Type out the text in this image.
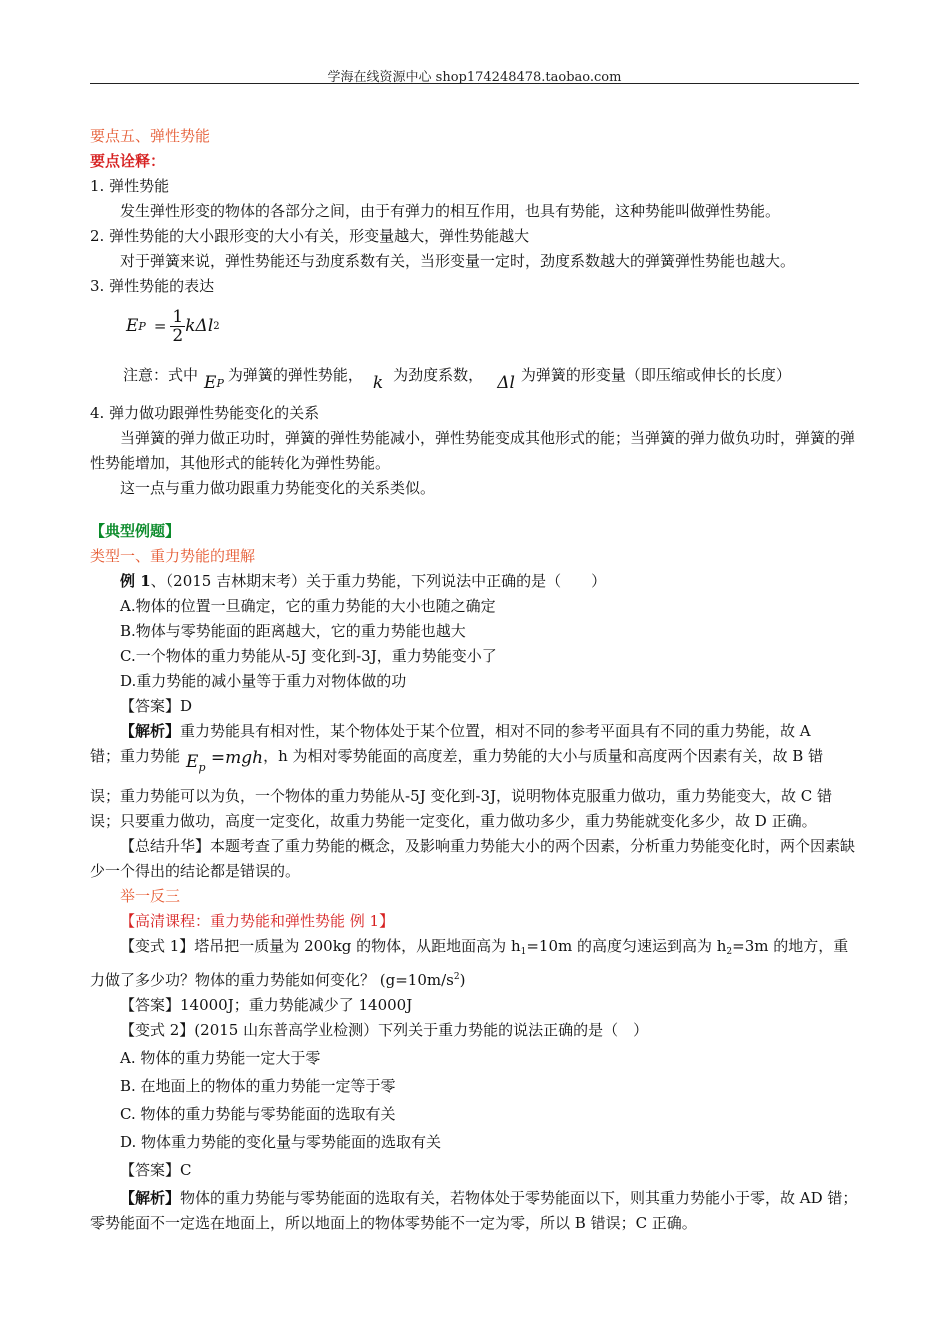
学海在线资源中心 shop174248478.taobao.com

要点五、弹性势能

要点诠释：

1. 弹性势能

发生弹性形变的物体的各部分之间，由于有弹力的相互作用，也具有势能，这种势能叫做弹性势能。

2. 弹性势能的大小跟形变的大小有关，形变量越大，弹性势能越大

对于弹簧来说，弹性势能还与劲度系数有关，当形变量一定时，劲度系数越大的弹簧弹性势能也越大。

3. 弹性势能的表达

E $P = \frac{1}{2}$ kΔl 2
注意：式中 E P 为弹簧的弹性势能， k 为劲度系数， Δl 为弹簧的形变量（即压缩或伸长的长度）

4. 弹力做功跟弹性势能变化的关系

当弹簧的弹力做正功时，弹簧的弹性势能减小，弹性势能变成其他形式的能；当弹簧的弹力做负功时，弹簧的弹性势能增加，其他形式的能转化为弹性势能。

这一点与重力做功跟重力势能变化的关系类似。

【典型例题】

类型一、重力势能的理解

例 1、（2015 吉林期末考）关于重力势能，下列说法中正确的是（　　）

A.物体的位置一旦确定，它的重力势能的大小也随之确定

B.物体与零势能面的距离越大，它的重力势能也越大

C.一个物体的重力势能从-5J 变化到-3J，重力势能变小了

D.重力势能的减小量等于重力对物体做的功

【答案】D

【解析】重力势能具有相对性，某个物体处于某个位置，相对不同的参考平面具有不同的重力势能，故 A

错；重力势能 $E_p =mgh$，h 为相对零势能面的高度差，重力势能的大小与质量和高度两个因素有关，故 B 错

误；重力势能可以为负，一个物体的重力势能从-5J 变化到-3J，说明物体克服重力做功，重力势能变大，故 C 错误；只要重力做功，高度一定变化，故重力势能一定变化，重力做功多少，重力势能就变化多少，故 D 正确。

【总结升华】本题考查了重力势能的概念，及影响重力势能大小的两个因素，分析重力势能变化时，两个因素缺少一个得出的结论都是错误的。

举一反三

【高清课程：重力势能和弹性势能 例 1】

【变式 1】塔吊把一质量为 200kg 的物体，从距地面高为 $h_1=10m$ 的高度匀速运到高为 $h_2=3m$ 的地方，重力做了多少功？物体的重力势能如何变化？ $(g=10m/s^2)$

【答案】14000J；重力势能减少了 14000J

【变式 2】(2015 山东普高学业检测）下列关于重力势能的说法正确的是（　）

A. 物体的重力势能一定大于零

B. 在地面上的物体的重力势能一定等于零

C. 物体的重力势能与零势能面的选取有关

D. 物体重力势能的变化量与零势能面的选取有关

【答案】C

【解析】物体的重力势能与零势能面的选取有关，若物体处于零势能面以下，则其重力势能小于零，故 AD 错；零势能面不一定选在地面上，所以地面上的物体零势能不一定为零，所以 B 错误；C 正确。
